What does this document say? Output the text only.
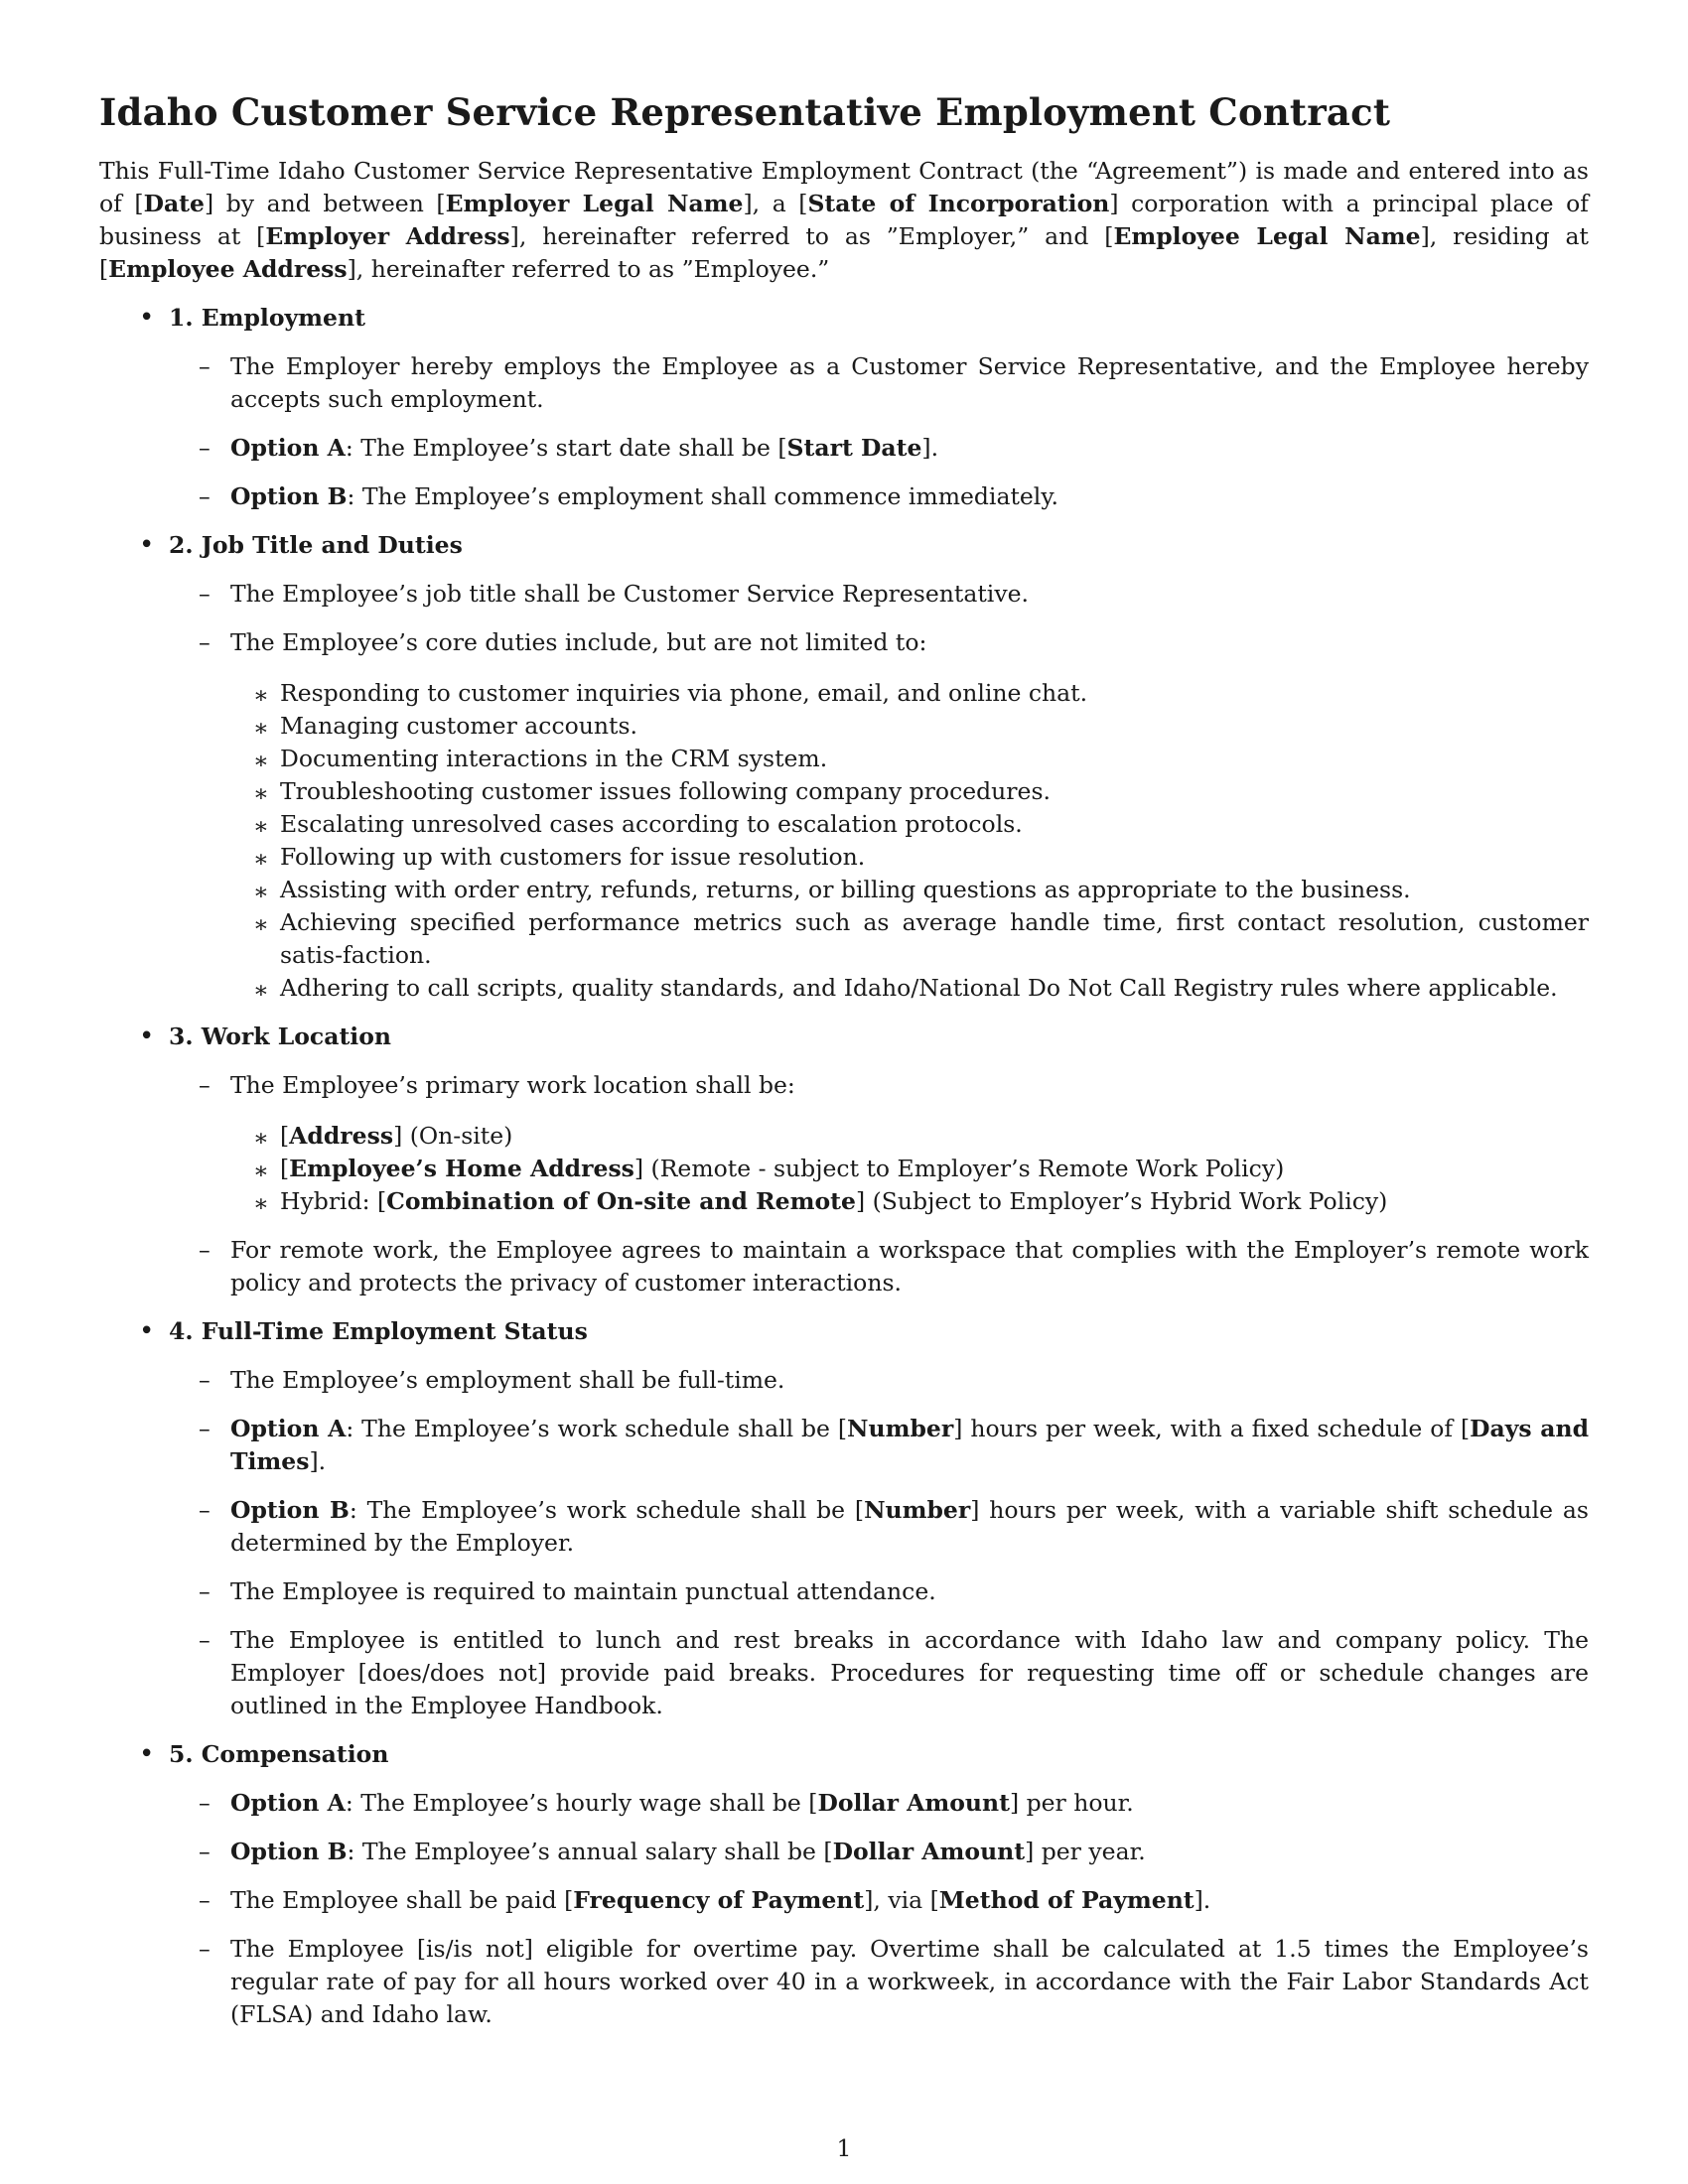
Idaho Customer Service Representative Employment Contract

This Full-Time Idaho Customer Service Representative Employment Contract (the “Agreement”) is made and entered into as of [Date] by and between [Employer Legal Name], a [State of Incorporation] corporation with a principal place of business at [Employer Address], hereinafter referred to as ”Employer,” and [Employee Legal Name], residing at [Employee Address], hereinafter referred to as ”Employee.”

• 1. Employment
– The Employer hereby employs the Employee as a Customer Service Representative, and the Employee hereby accepts such employment.
– Option A: The Employee’s start date shall be [Start Date].
– Option B: The Employee’s employment shall commence immediately.
• 2. Job Title and Duties
– The Employee’s job title shall be Customer Service Representative.
– The Employee’s core duties include, but are not limited to:
∗ Responding to customer inquiries via phone, email, and online chat.
∗ Managing customer accounts.
∗ Documenting interactions in the CRM system.
∗ Troubleshooting customer issues following company procedures.
∗ Escalating unresolved cases according to escalation protocols.
∗ Following up with customers for issue resolution.
∗ Assisting with order entry, refunds, returns, or billing questions as appropriate to the business.
∗ Achieving specified performance metrics such as average handle time, first contact resolution, customer satis-faction.
∗ Adhering to call scripts, quality standards, and Idaho/National Do Not Call Registry rules where applicable.
• 3. Work Location
– The Employee’s primary work location shall be:
∗ [Address] (On-site)
∗ [Employee’s Home Address] (Remote - subject to Employer’s Remote Work Policy)
∗ Hybrid: [Combination of On-site and Remote] (Subject to Employer’s Hybrid Work Policy)
– For remote work, the Employee agrees to maintain a workspace that complies with the Employer’s remote work policy and protects the privacy of customer interactions.
• 4. Full-Time Employment Status
– The Employee’s employment shall be full-time.
– Option A: The Employee’s work schedule shall be [Number] hours per week, with a fixed schedule of [Days and Times].
– Option B: The Employee’s work schedule shall be [Number] hours per week, with a variable shift schedule as determined by the Employer.
– The Employee is required to maintain punctual attendance.
– The Employee is entitled to lunch and rest breaks in accordance with Idaho law and company policy. The Employer [does/does not] provide paid breaks. Procedures for requesting time off or schedule changes are outlined in the Employee Handbook.
• 5. Compensation
– Option A: The Employee’s hourly wage shall be [Dollar Amount] per hour.
– Option B: The Employee’s annual salary shall be [Dollar Amount] per year.
– The Employee shall be paid [Frequency of Payment], via [Method of Payment].
– The Employee [is/is not] eligible for overtime pay. Overtime shall be calculated at 1.5 times the Employee’s regular rate of pay for all hours worked over 40 in a workweek, in accordance with the Fair Labor Standards Act (FLSA) and Idaho law.
1
